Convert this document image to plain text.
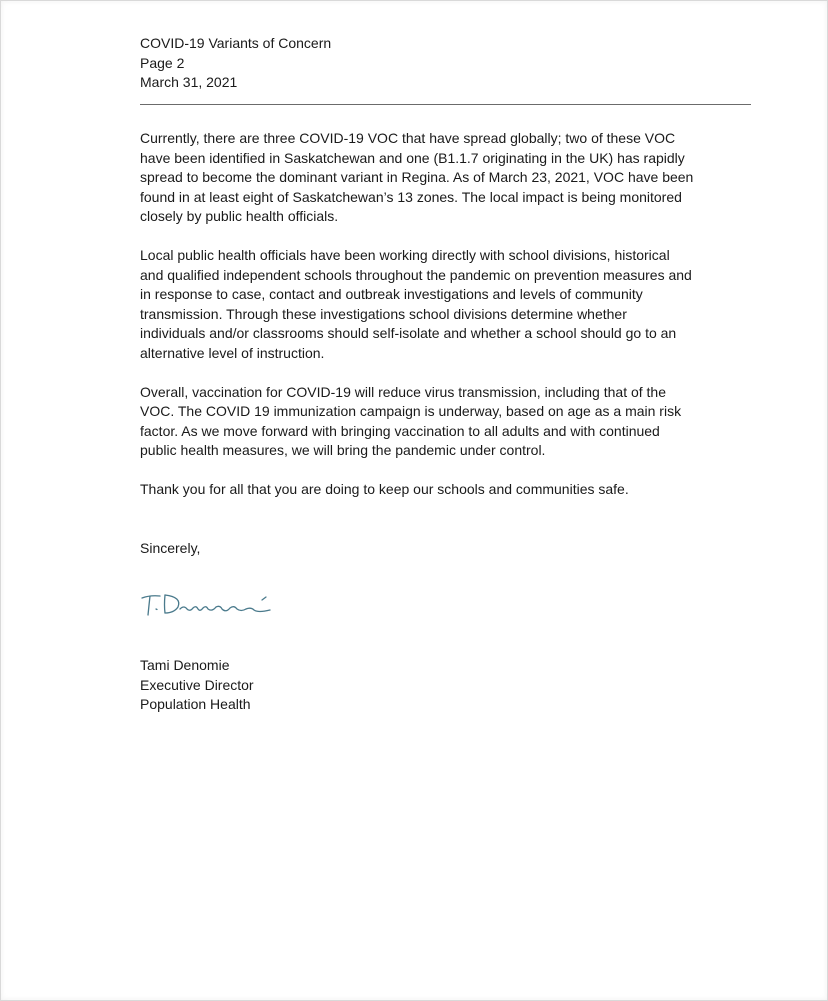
COVID-19 Variants of Concern
Page 2
March 31, 2021

Currently, there are three COVID-19 VOC that have spread globally; two of these VOC
have been identified in Saskatchewan and one (B1.1.7 originating in the UK) has rapidly
spread to become the dominant variant in Regina. As of March 23, 2021, VOC have been
found in at least eight of Saskatchewan’s 13 zones. The local impact is being monitored
closely by public health officials.

Local public health officials have been working directly with school divisions, historical
and qualified independent schools throughout the pandemic on prevention measures and
in response to case, contact and outbreak investigations and levels of community
transmission. Through these investigations school divisions determine whether
individuals and/or classrooms should self-isolate and whether a school should go to an
alternative level of instruction.

Overall, vaccination for COVID-19 will reduce virus transmission, including that of the
VOC. The COVID 19 immunization campaign is underway, based on age as a main risk
factor. As we move forward with bringing vaccination to all adults and with continued
public health measures, we will bring the pandemic under control.

Thank you for all that you are doing to keep our schools and communities safe.

Sincerely,
Tami Denomie
Executive Director
Population Health
